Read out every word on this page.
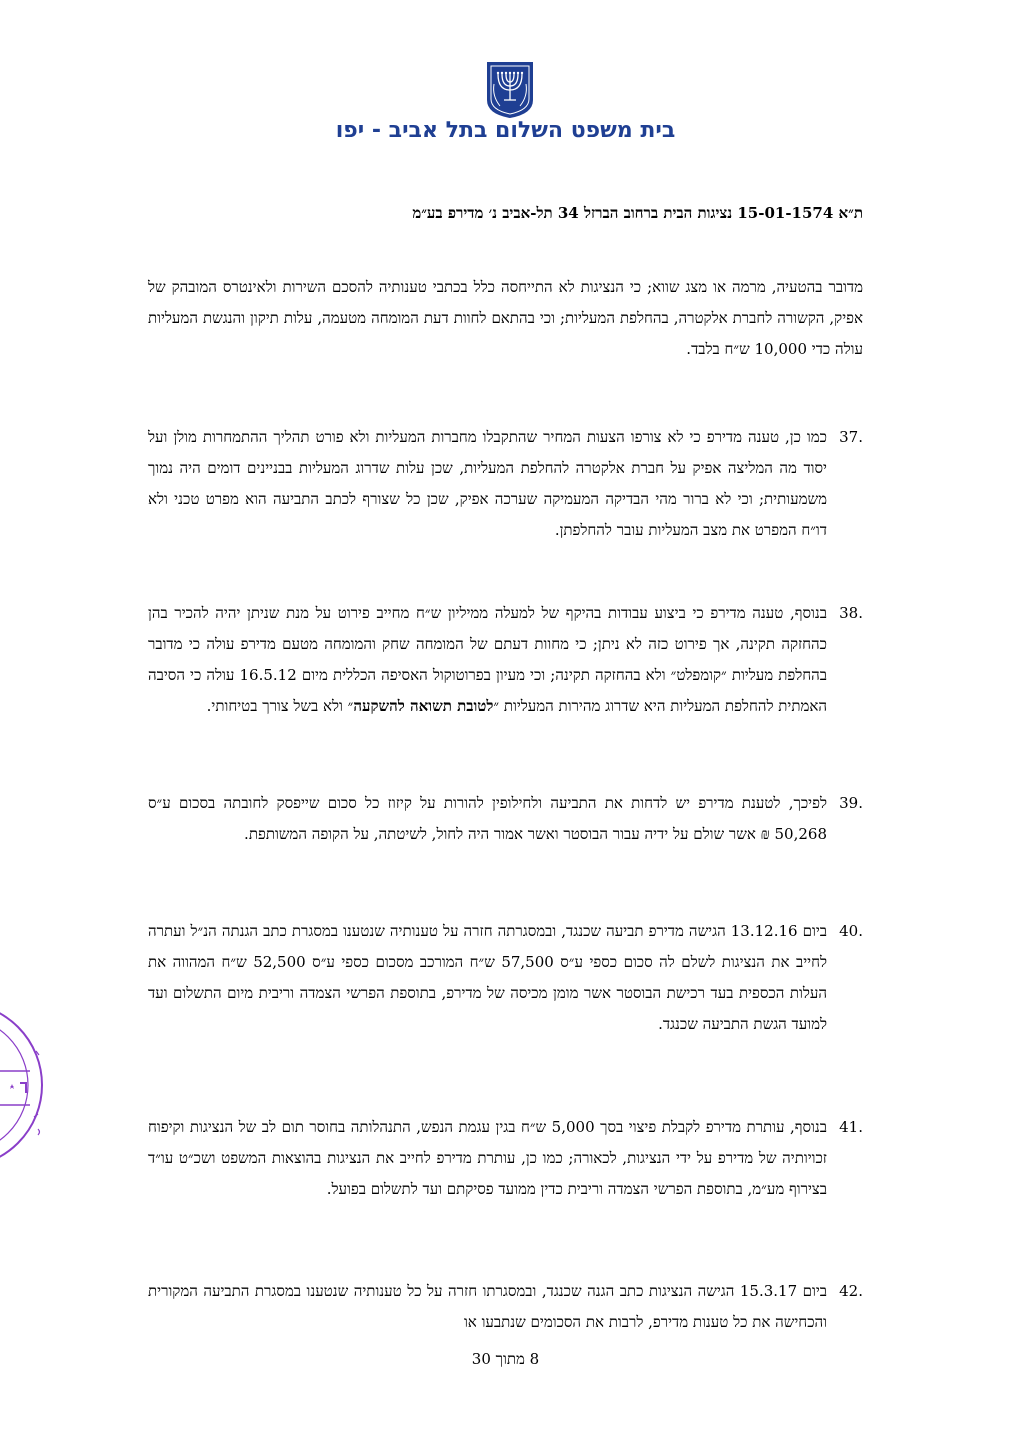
בית משפט השלום בתל אביב - יפו
ת״א 15-01-1574 נציגות הבית ברחוב הברזל 34 תל-אביב נ׳ מדירפ בע״מ
מדובר בהטעיה, מרמה או מצג שווא; כי הנציגות לא התייחסה כלל בכתבי טענותיה להסכם השירות ולאינטרס המובהק של אפיק, הקשורה לחברת אלקטרה, בהחלפת המעליות; וכי בהתאם לחוות דעת המומחה מטעמה, עלות תיקון והנגשת המעליות עולה כדי 10,000 ש״ח בלבד.
37.
כמו כן, טענה מדירפ כי לא צורפו הצעות המחיר שהתקבלו מחברות המעליות ולא פורט תהליך ההתמחרות מולן ועל יסוד מה המליצה אפיק על חברת אלקטרה להחלפת המעליות, שכן עלות שדרוג המעליות בבניינים דומים היה נמוך משמעותית; וכי לא ברור מהי הבדיקה המעמיקה שערכה אפיק, שכן כל שצורף לכתב התביעה הוא מפרט טכני ולא דו״ח המפרט את מצב המעליות עובר להחלפתן.
38.
בנוסף, טענה מדירפ כי ביצוע עבודות בהיקף של למעלה ממיליון ש״ח מחייב פירוט על מנת שניתן יהיה להכיר בהן כהחזקה תקינה, אך פירוט כזה לא ניתן; כי מחוות דעתם של המומחה שחק והמומחה מטעם מדירפ עולה כי מדובר בהחלפת מעליות ״קומפלט״ ולא בהחזקה תקינה; וכי מעיון בפרוטוקול האסיפה הכללית מיום 16.5.12 עולה כי הסיבה האמתית להחלפת המעליות היא שדרוג מהירות המעליות ״לטובת תשואה להשקעה״ ולא בשל צורך בטיחותי.
39.
לפיכך, לטענת מדירפ יש לדחות את התביעה ולחילופין להורות על קיזוז כל סכום שייפסק לחובתה בסכום ע״ס 50,268 ₪ אשר שולם על ידיה עבור הבוסטר ואשר אמור היה לחול, לשיטתה, על הקופה המשותפת.
40.
ביום 13.12.16 הגישה מדירפ תביעה שכנגד, ובמסגרתה חזרה על טענותיה שנטענו במסגרת כתב הגנתה הנ״ל ועתרה לחייב את הנציגות לשלם לה סכום כספי ע״ס 57,500 ש״ח המורכב מסכום כספי ע״ס 52,500 ש״ח המהווה את העלות הכספית בעד רכישת הבוסטר אשר מומן מכיסה של מדירפ, בתוספת הפרשי הצמדה וריבית מיום התשלום ועד למועד הגשת התביעה שכנגד.
41.
בנוסף, עותרת מדירפ לקבלת פיצוי בסך 5,000 ש״ח בגין עגמת הנפש, התנהלותה בחוסר תום לב של הנציגות וקיפוח זכויותיה של מדירפ על ידי הנציגות, לכאורה; כמו כן, עותרת מדירפ לחייב את הנציגות בהוצאות המשפט ושכ״ט עו״ד בצירוף מע״מ, בתוספת הפרשי הצמדה וריבית כדין ממועד פסיקתם ועד לתשלום בפועל.
42.
ביום 15.3.17 הגישה הנציגות כתב הגנה שכנגד, ובמסגרתו חזרה על כל טענותיה שנטענו במסגרת התביעה המקורית והכחישה את כל טענות מדירפ, לרבות את הסכומים שנתבעו או
8 מתוך 30
